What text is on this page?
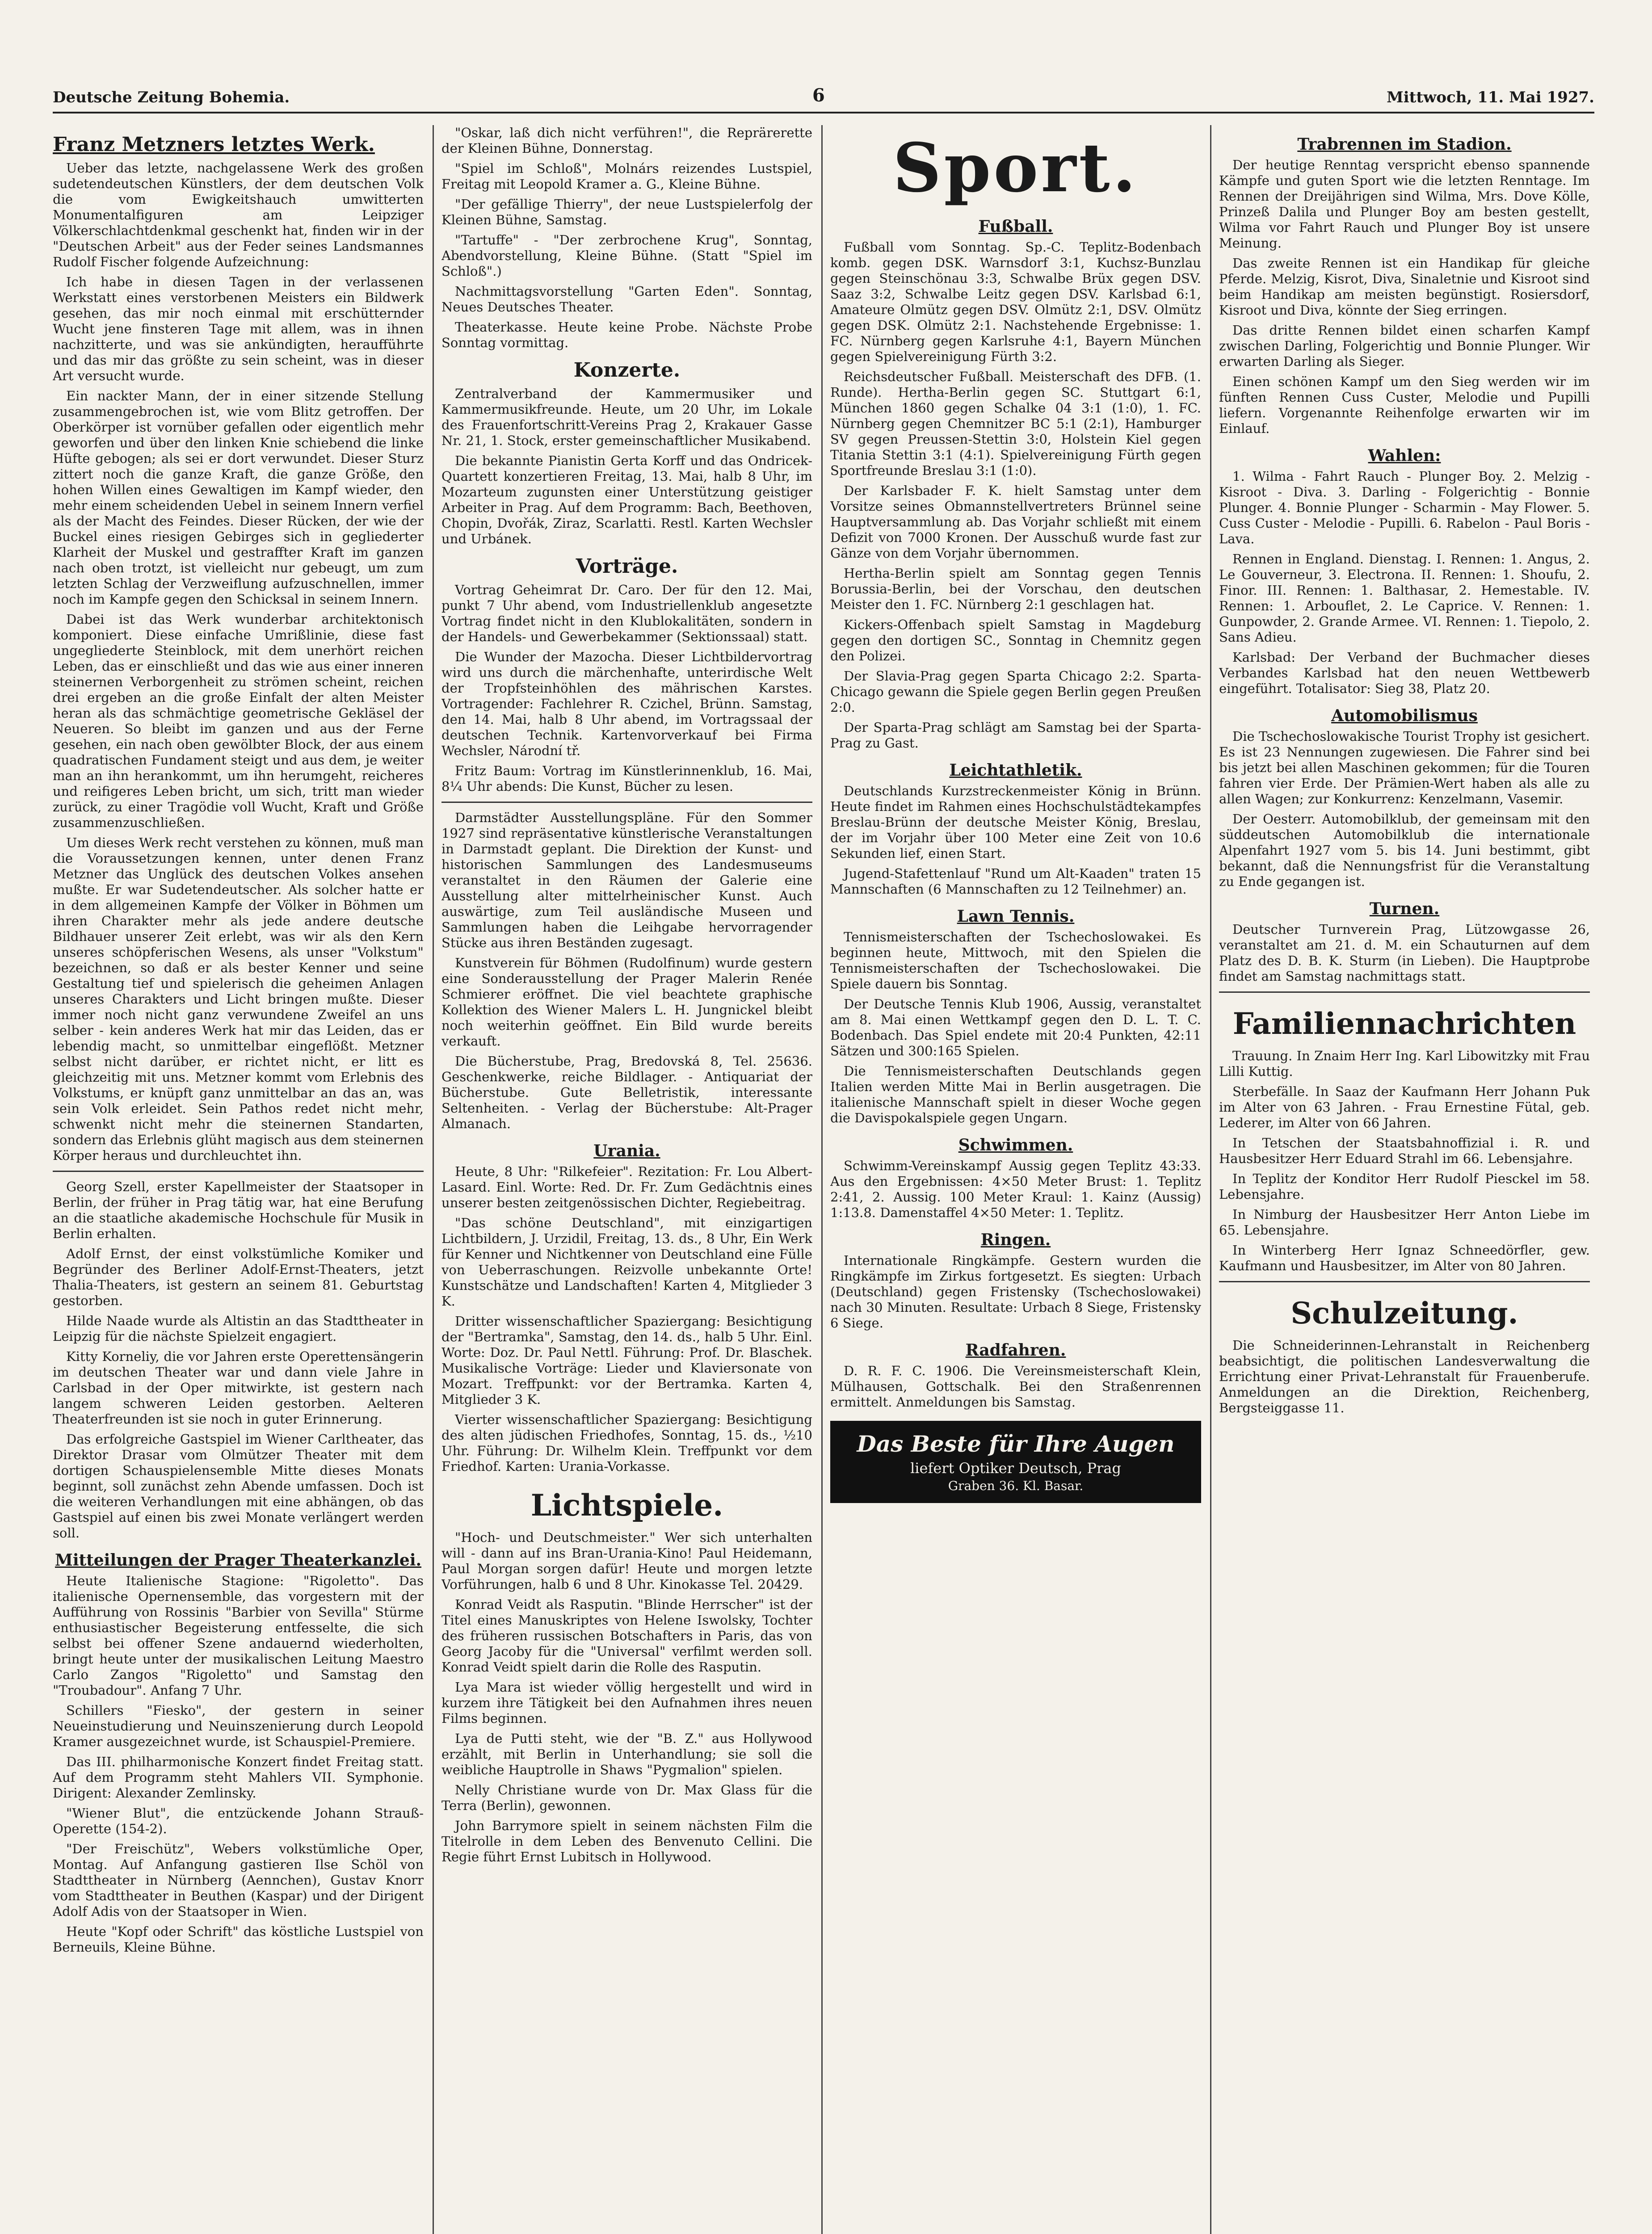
Deutsche Zeitung Bohemia.	6	Mittwoch, 11. Mai 1927.
Franz Metzners letztes Werk.

Ueber das letzte, nachgelassene Werk des großen sudetendeutschen Künstlers, der dem deutschen Volk die vom Ewigkeitshauch umwitterten Monumentalfiguren am Leipziger Völkerschlachtdenkmal geschenkt hat, finden wir in der "Deutschen Arbeit" aus der Feder seines Landsmannes Rudolf Fischer folgende Aufzeichnung:

Ich habe in diesen Tagen in der verlassenen Werkstatt eines verstorbenen Meisters ein Bildwerk gesehen, das mir noch einmal mit erschütternder Wucht jene finsteren Tage mit allem, was in ihnen nachzitterte, und was sie ankündigten, heraufführte und das mir das größte zu sein scheint, was in dieser Art versucht wurde.

Ein nackter Mann, der in einer sitzende Stellung zusammengebrochen ist, wie vom Blitz getroffen. Der Oberkörper ist vornüber gefallen oder eigentlich mehr geworfen und über den linken Knie schiebend die linke Hüfte gebogen; als sei er dort verwundet. Dieser Sturz zittert noch die ganze Kraft, die ganze Größe, den hohen Willen eines Gewaltigen im Kampf wieder, den mehr einem scheidenden Uebel in seinem Innern verfiel als der Macht des Feindes. Dieser Rücken, der wie der Buckel eines riesigen Gebirges sich in gegliederter Klarheit der Muskel und gestraffter Kraft im ganzen nach oben trotzt, ist vielleicht nur gebeugt, um zum letzten Schlag der Verzweiflung aufzuschnellen, immer noch im Kampfe gegen den Schicksal in seinem Innern.

Dabei ist das Werk wunderbar architektonisch komponiert. Diese einfache Umrißlinie, diese fast ungegliederte Steinblock, mit dem unerhört reichen Leben, das er einschließt und das wie aus einer inneren steinernen Verborgenheit zu strömen scheint, reichen drei ergeben an die große Einfalt der alten Meister heran als das schmächtige geometrische Gekläsel der Neueren. So bleibt im ganzen und aus der Ferne gesehen, ein nach oben gewölbter Block, der aus einem quadratischen Fundament steigt und aus dem, je weiter man an ihn herankommt, um ihn herumgeht, reicheres und reifigeres Leben bricht, um sich, tritt man wieder zurück, zu einer Tragödie voll Wucht, Kraft und Größe zusammenzuschließen.

Um dieses Werk recht verstehen zu können, muß man die Voraussetzungen kennen, unter denen Franz Metzner das Unglück des deutschen Volkes ansehen mußte. Er war Sudetendeutscher. Als solcher hatte er in dem allgemeinen Kampfe der Völker in Böhmen um ihren Charakter mehr als jede andere deutsche Bildhauer unserer Zeit erlebt, was wir als den Kern unseres schöpferischen Wesens, als unser "Volkstum" bezeichnen, so daß er als bester Kenner und seine Gestaltung tief und spielerisch die geheimen Anlagen unseres Charakters und Licht bringen mußte. Dieser immer noch nicht ganz verwundene Zweifel an uns selber - kein anderes Werk hat mir das Leiden, das er lebendig macht, so unmittelbar eingeflößt. Metzner selbst nicht darüber, er richtet nicht, er litt es gleichzeitig mit uns. Metzner kommt vom Erlebnis des Volkstums, er knüpft ganz unmittelbar an das an, was sein Volk erleidet. Sein Pathos redet nicht mehr, schwenkt nicht mehr die steinernen Standarten, sondern das Erlebnis glüht magisch aus dem steinernen Körper heraus und durchleuchtet ihn.

Georg Szell, erster Kapellmeister der Staatsoper in Berlin, der früher in Prag tätig war, hat eine Berufung an die staatliche akademische Hochschule für Musik in Berlin erhalten.

Adolf Ernst, der einst volkstümliche Komiker und Begründer des Berliner Adolf-Ernst-Theaters, jetzt Thalia-Theaters, ist gestern an seinem 81. Geburtstag gestorben.

Hilde Naade wurde als Altistin an das Stadttheater in Leipzig für die nächste Spielzeit engagiert.

Kitty Korneliy, die vor Jahren erste Operettensängerin im deutschen Theater war und dann viele Jahre in Carlsbad in der Oper mitwirkte, ist gestern nach langem schweren Leiden gestorben. Aelteren Theaterfreunden ist sie noch in guter Erinnerung.

Das erfolgreiche Gastspiel im Wiener Carltheater, das Direktor Drasar vom Olmützer Theater mit dem dortigen Schauspielensemble Mitte dieses Monats beginnt, soll zunächst zehn Abende umfassen. Doch ist die weiteren Verhandlungen mit eine abhängen, ob das Gastspiel auf einen bis zwei Monate verlängert werden soll.

Mitteilungen der Prager Theaterkanzlei.

Heute Italienische Stagione: "Rigoletto". Das italienische Opernensemble, das vorgestern mit der Aufführung von Rossinis "Barbier von Sevilla" Stürme enthusiastischer Begeisterung entfesselte, die sich selbst bei offener Szene andauernd wiederholten, bringt heute unter der musikalischen Leitung Maestro Carlo Zangos "Rigoletto" und Samstag den "Troubadour". Anfang 7 Uhr.

Schillers "Fiesko", der gestern in seiner Neueinstudierung und Neuinszenierung durch Leopold Kramer ausgezeichnet wurde, ist Schauspiel-Premiere.

Das III. philharmonische Konzert findet Freitag statt. Auf dem Programm steht Mahlers VII. Symphonie. Dirigent: Alexander Zemlinsky.

"Wiener Blut", die entzückende Johann Strauß-Operette (154-2).

"Der Freischütz", Webers volkstümliche Oper, Montag. Auf Anfangung gastieren Ilse Schöl von Stadttheater in Nürnberg (Aennchen), Gustav Knorr vom Stadttheater in Beuthen (Kaspar) und der Dirigent Adolf Adis von der Staatsoper in Wien.

Heute "Kopf oder Schrift" das köstliche Lustspiel von Berneuils, Kleine Bühne.

"Oskar, laß dich nicht verführen!", die Reprärerette der Kleinen Bühne, Donnerstag.

"Spiel im Schloß", Molnárs reizendes Lustspiel, Freitag mit Leopold Kramer a. G., Kleine Bühne.

"Der gefällige Thierry", der neue Lustspielerfolg der Kleinen Bühne, Samstag.

"Tartuffe" - "Der zerbrochene Krug", Sonntag, Abendvorstellung, Kleine Bühne. (Statt "Spiel im Schloß".)

Nachmittagsvorstellung "Garten Eden". Sonntag, Neues Deutsches Theater.

Theaterkasse. Heute keine Probe. Nächste Probe Sonntag vormittag.

Konzerte.

Zentralverband der Kammermusiker und Kammermusikfreunde. Heute, um 20 Uhr, im Lokale des Frauenfortschritt-Vereins Prag 2, Krakauer Gasse Nr. 21, 1. Stock, erster gemeinschaftlicher Musikabend.

Die bekannte Pianistin Gerta Korff und das Ondricek-Quartett konzertieren Freitag, 13. Mai, halb 8 Uhr, im Mozarteum zugunsten einer Unterstützung geistiger Arbeiter in Prag. Auf dem Programm: Bach, Beethoven, Chopin, Dvořák, Ziraz, Scarlatti. Restl. Karten Wechsler und Urbánek.

Vorträge.

Vortrag Geheimrat Dr. Caro. Der für den 12. Mai, punkt 7 Uhr abend, vom Industriellenklub angesetzte Vortrag findet nicht in den Klublokalitäten, sondern in der Handels- und Gewerbekammer (Sektionssaal) statt.

Die Wunder der Mazocha. Dieser Lichtbildervortrag wird uns durch die märchenhafte, unterirdische Welt der Tropfsteinhöhlen des mährischen Karstes. Vortragender: Fachlehrer R. Czichel, Brünn. Samstag, den 14. Mai, halb 8 Uhr abend, im Vortragssaal der deutschen Technik. Kartenvorverkauf bei Firma Wechsler, Národní tř.

Fritz Baum: Vortrag im Künstlerinnenklub, 16. Mai, 8¼ Uhr abends: Die Kunst, Bücher zu lesen.

Darmstädter Ausstellungspläne. Für den Sommer 1927 sind repräsentative künstlerische Veranstaltungen in Darmstadt geplant. Die Direktion der Kunst- und historischen Sammlungen des Landesmuseums veranstaltet in den Räumen der Galerie eine Ausstellung alter mittelrheinischer Kunst. Auch auswärtige, zum Teil ausländische Museen und Sammlungen haben die Leihgabe hervorragender Stücke aus ihren Beständen zugesagt.

Kunstverein für Böhmen (Rudolfinum) wurde gestern eine Sonderausstellung der Prager Malerin Renée Schmierer eröffnet. Die viel beachtete graphische Kollektion des Wiener Malers L. H. Jungnickel bleibt noch weiterhin geöffnet. Ein Bild wurde bereits verkauft.

Die Bücherstube, Prag, Bredovská 8, Tel. 25636. Geschenkwerke, reiche Bildlager. - Antiquariat der Bücherstube. Gute Belletristik, interessante Seltenheiten. - Verlag der Bücherstube: Alt-Prager Almanach.

Urania.

Heute, 8 Uhr: "Rilkefeier". Rezitation: Fr. Lou Albert-Lasard. Einl. Worte: Red. Dr. Fr. Zum Gedächtnis eines unserer besten zeitgenössischen Dichter, Regiebeitrag.

"Das schöne Deutschland", mit einzigartigen Lichtbildern, J. Urzidil, Freitag, 13. ds., 8 Uhr, Ein Werk für Kenner und Nichtkenner von Deutschland eine Fülle von Ueberraschungen. Reizvolle unbekannte Orte! Kunstschätze und Landschaften! Karten 4, Mitglieder 3 K.

Dritter wissenschaftlicher Spaziergang: Besichtigung der "Bertramka", Samstag, den 14. ds., halb 5 Uhr. Einl. Worte: Doz. Dr. Paul Nettl. Führung: Prof. Dr. Blaschek. Musikalische Vorträge: Lieder und Klaviersonate von Mozart. Treffpunkt: vor der Bertramka. Karten 4, Mitglieder 3 K.

Vierter wissenschaftlicher Spaziergang: Besichtigung des alten jüdischen Friedhofes, Sonntag, 15. ds., ½10 Uhr. Führung: Dr. Wilhelm Klein. Treffpunkt vor dem Friedhof. Karten: Urania-Vorkasse.

Lichtspiele.

"Hoch- und Deutschmeister." Wer sich unterhalten will - dann auf ins Bran-Urania-Kino! Paul Heidemann, Paul Morgan sorgen dafür! Heute und morgen letzte Vorführungen, halb 6 und 8 Uhr. Kinokasse Tel. 20429.

Konrad Veidt als Rasputin. "Blinde Herrscher" ist der Titel eines Manuskriptes von Helene Iswolsky, Tochter des früheren russischen Botschafters in Paris, das von Georg Jacoby für die "Universal" verfilmt werden soll. Konrad Veidt spielt darin die Rolle des Rasputin.

Lya Mara ist wieder völlig hergestellt und wird in kurzem ihre Tätigkeit bei den Aufnahmen ihres neuen Films beginnen.

Lya de Putti steht, wie der "B. Z." aus Hollywood erzählt, mit Berlin in Unterhandlung; sie soll die weibliche Hauptrolle in Shaws "Pygmalion" spielen.

Nelly Christiane wurde von Dr. Max Glass für die Terra (Berlin), gewonnen.

John Barrymore spielt in seinem nächsten Film die Titelrolle in dem Leben des Benvenuto Cellini. Die Regie führt Ernst Lubitsch in Hollywood.

Sport.
Fußball.

Fußball vom Sonntag. Sp.-C. Teplitz-Bodenbach komb. gegen DSK. Warnsdorf 3:1, Kuchsz-Bunzlau gegen Steinschönau 3:3, Schwalbe Brüx gegen DSV. Saaz 3:2, Schwalbe Leitz gegen DSV. Karlsbad 6:1, Amateure Olmütz gegen DSV. Olmütz 2:1, DSV. Olmütz gegen DSK. Olmütz 2:1. Nachstehende Ergebnisse: 1. FC. Nürnberg gegen Karlsruhe 4:1, Bayern München gegen Spielvereinigung Fürth 3:2.

Reichsdeutscher Fußball. Meisterschaft des DFB. (1. Runde). Hertha-Berlin gegen SC. Stuttgart 6:1, München 1860 gegen Schalke 04 3:1 (1:0), 1. FC. Nürnberg gegen Chemnitzer BC 5:1 (2:1), Hamburger SV gegen Preussen-Stettin 3:0, Holstein Kiel gegen Titania Stettin 3:1 (4:1). Spielvereinigung Fürth gegen Sportfreunde Breslau 3:1 (1:0).

Der Karlsbader F. K. hielt Samstag unter dem Vorsitze seines Obmannstellvertreters Brünnel seine Hauptversammlung ab. Das Vorjahr schließt mit einem Defizit von 7000 Kronen. Der Ausschuß wurde fast zur Gänze von dem Vorjahr übernommen.

Hertha-Berlin spielt am Sonntag gegen Tennis Borussia-Berlin, bei der Vorschau, den deutschen Meister den 1. FC. Nürnberg 2:1 geschlagen hat.

Kickers-Offenbach spielt Samstag in Magdeburg gegen den dortigen SC., Sonntag in Chemnitz gegen den Polizei.

Der Slavia-Prag gegen Sparta Chicago 2:2. Sparta-Chicago gewann die Spiele gegen Berlin gegen Preußen 2:0.

Der Sparta-Prag schlägt am Samstag bei der Sparta-Prag zu Gast.

Leichtathletik.

Deutschlands Kurzstreckenmeister König in Brünn. Heute findet im Rahmen eines Hochschulstädtekampfes Breslau-Brünn der deutsche Meister König, Breslau, der im Vorjahr über 100 Meter eine Zeit von 10.6 Sekunden lief, einen Start.

Jugend-Stafettenlauf "Rund um Alt-Kaaden" traten 15 Mannschaften (6 Mannschaften zu 12 Teilnehmer) an.

Lawn Tennis.

Tennismeisterschaften der Tschechoslowakei. Es beginnen heute, Mittwoch, mit den Spielen die Tennismeisterschaften der Tschechoslowakei. Die Spiele dauern bis Sonntag.

Der Deutsche Tennis Klub 1906, Aussig, veranstaltet am 8. Mai einen Wettkampf gegen den D. L. T. C. Bodenbach. Das Spiel endete mit 20:4 Punkten, 42:11 Sätzen und 300:165 Spielen.

Die Tennismeisterschaften Deutschlands gegen Italien werden Mitte Mai in Berlin ausgetragen. Die italienische Mannschaft spielt in dieser Woche gegen die Davispokalspiele gegen Ungarn.

Schwimmen.

Schwimm-Vereinskampf Aussig gegen Teplitz 43:33. Aus den Ergebnissen: 4×50 Meter Brust: 1. Teplitz 2:41, 2. Aussig. 100 Meter Kraul: 1. Kainz (Aussig) 1:13.8. Damenstaffel 4×50 Meter: 1. Teplitz.

Ringen.

Internationale Ringkämpfe. Gestern wurden die Ringkämpfe im Zirkus fortgesetzt. Es siegten: Urbach (Deutschland) gegen Fristensky (Tschechoslowakei) nach 30 Minuten. Resultate: Urbach 8 Siege, Fristensky 6 Siege.

Radfahren.

D. R. F. C. 1906. Die Vereinsmeisterschaft Klein, Mülhausen, Gottschalk. Bei den Straßenrennen ermittelt. Anmeldungen bis Samstag.

Das Beste für Ihre Augen
liefert Optiker Deutsch, Prag
Graben 36. Kl. Basar.
Trabrennen im Stadion.

Der heutige Renntag verspricht ebenso spannende Kämpfe und guten Sport wie die letzten Renntage. Im Rennen der Dreijährigen sind Wilma, Mrs. Dove Kölle, Prinzeß Dalila und Plunger Boy am besten gestellt, Wilma vor Fahrt Rauch und Plunger Boy ist unsere Meinung.

Das zweite Rennen ist ein Handikap für gleiche Pferde. Melzig, Kisrot, Diva, Sinaletnie und Kisroot sind beim Handikap am meisten begünstigt. Rosiersdorf, Kisroot und Diva, könnte der Sieg erringen.

Das dritte Rennen bildet einen scharfen Kampf zwischen Darling, Folgerichtig und Bonnie Plunger. Wir erwarten Darling als Sieger.

Einen schönen Kampf um den Sieg werden wir im fünften Rennen Cuss Custer, Melodie und Pupilli liefern. Vorgenannte Reihenfolge erwarten wir im Einlauf.

Wahlen:

1. Wilma - Fahrt Rauch - Plunger Boy. 2. Melzig - Kisroot - Diva. 3. Darling - Folgerichtig - Bonnie Plunger. 4. Bonnie Plunger - Scharmin - May Flower. 5. Cuss Custer - Melodie - Pupilli. 6. Rabelon - Paul Boris - Lava.

Rennen in England. Dienstag. I. Rennen: 1. Angus, 2. Le Gouverneur, 3. Electrona. II. Rennen: 1. Shoufu, 2. Finor. III. Rennen: 1. Balthasar, 2. Hemestable. IV. Rennen: 1. Arbouflet, 2. Le Caprice. V. Rennen: 1. Gunpowder, 2. Grande Armee. VI. Rennen: 1. Tiepolo, 2. Sans Adieu.

Karlsbad: Der Verband der Buchmacher dieses Verbandes Karlsbad hat den neuen Wettbewerb eingeführt. Totalisator: Sieg 38, Platz 20.

Automobilismus

Die Tschechoslowakische Tourist Trophy ist gesichert. Es ist 23 Nennungen zugewiesen. Die Fahrer sind bei bis jetzt bei allen Maschinen gekommen; für die Touren fahren vier Erde. Der Prämien-Wert haben als alle zu allen Wagen; zur Konkurrenz: Kenzelmann, Vasemir.

Der Oesterr. Automobilklub, der gemeinsam mit den süddeutschen Automobilklub die internationale Alpenfahrt 1927 vom 5. bis 14. Juni bestimmt, gibt bekannt, daß die Nennungsfrist für die Veranstaltung zu Ende gegangen ist.

Turnen.

Deutscher Turnverein Prag, Lützowgasse 26, veranstaltet am 21. d. M. ein Schauturnen auf dem Platz des D. B. K. Sturm (in Lieben). Die Hauptprobe findet am Samstag nachmittags statt.

Familiennachrichten

Trauung. In Znaim Herr Ing. Karl Libowitzky mit Frau Lilli Kuttig.

Sterbefälle. In Saaz der Kaufmann Herr Johann Puk im Alter von 63 Jahren. - Frau Ernestine Fütal, geb. Lederer, im Alter von 66 Jahren.

In Tetschen der Staatsbahnoffizial i. R. und Hausbesitzer Herr Eduard Strahl im 66. Lebensjahre.

In Teplitz der Konditor Herr Rudolf Piesckel im 58. Lebensjahre.

In Nimburg der Hausbesitzer Herr Anton Liebe im 65. Lebensjahre.

In Winterberg Herr Ignaz Schneedörfler, gew. Kaufmann und Hausbesitzer, im Alter von 80 Jahren.

Schulzeitung.

Die Schneiderinnen-Lehranstalt in Reichenberg beabsichtigt, die politischen Landesverwaltung die Errichtung einer Privat-Lehranstalt für Frauenberufe. Anmeldungen an die Direktion, Reichenberg, Bergsteiggasse 11.
